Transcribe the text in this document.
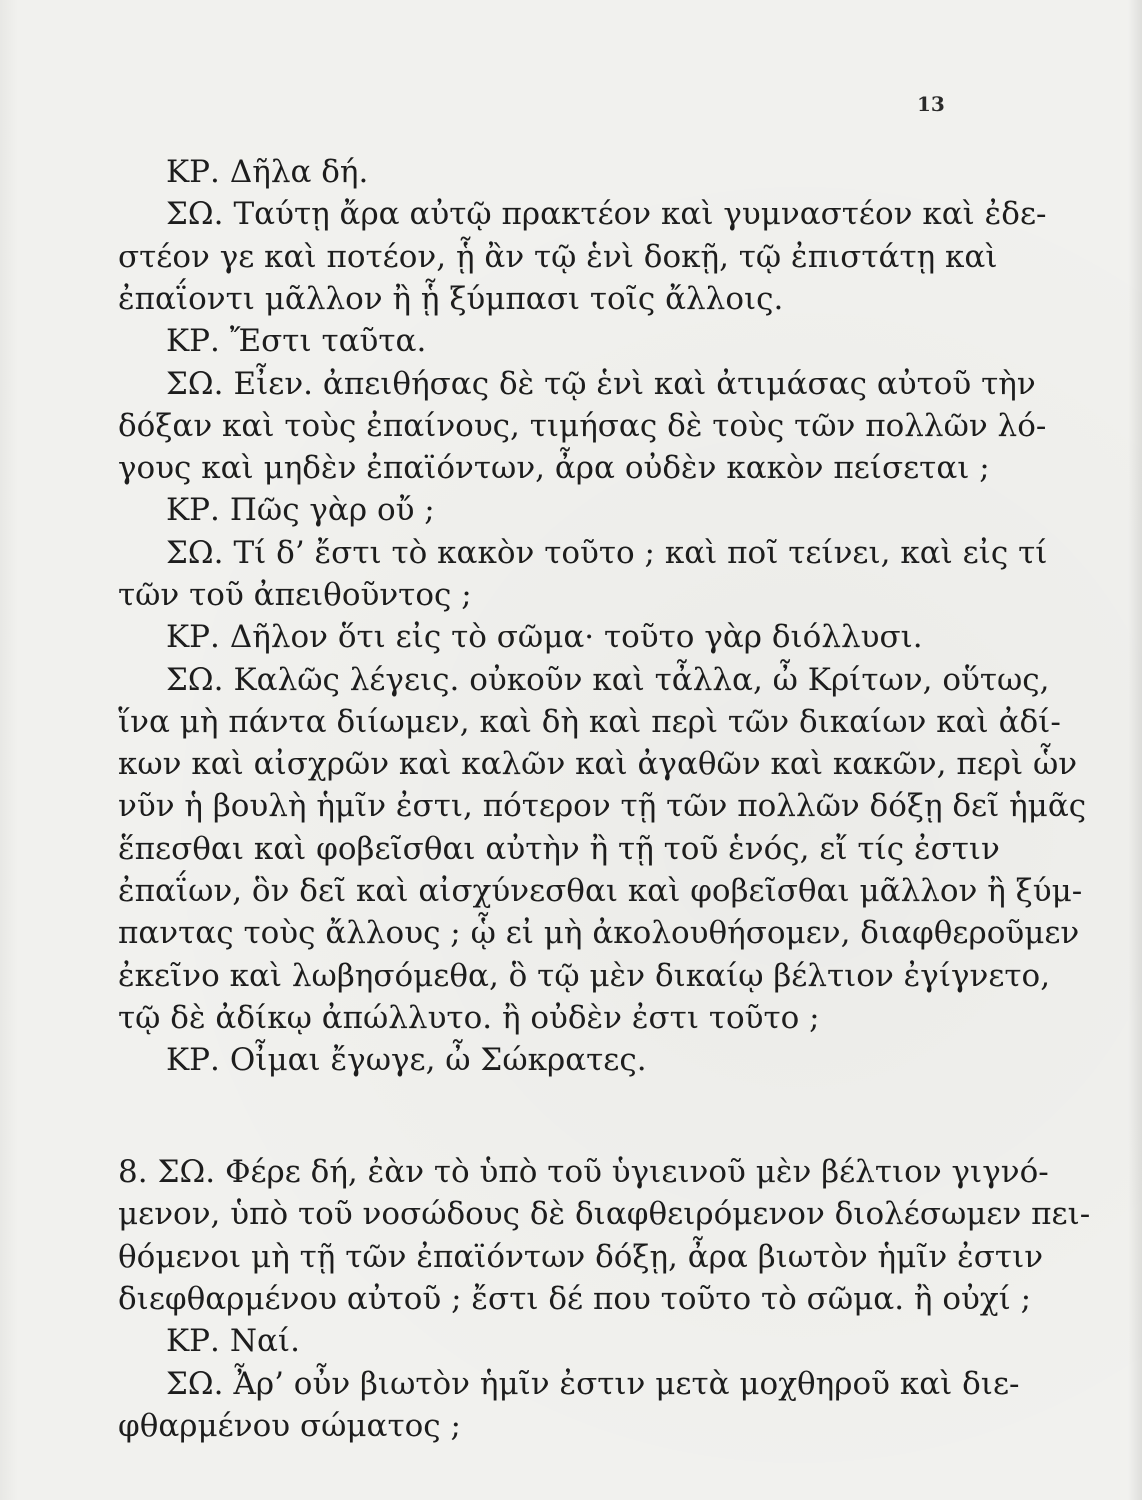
13
ΚΡ. Δῆλα δή.
ΣΩ. Ταύτῃ ἄρα αὐτῷ πρακτέον καὶ γυμναστέον καὶ ἐδε-
στέον γε καὶ ποτέον, ᾗ ἂν τῷ ἑνὶ δοκῇ, τῷ ἐπιστάτῃ καὶ
ἐπαΐοντι μᾶλλον ἢ ᾗ ξύμπασι τοῖς ἄλλοις.
ΚΡ. Ἔστι ταῦτα.
ΣΩ. Εἶεν. ἀπειθήσας δὲ τῷ ἑνὶ καὶ ἀτιμάσας αὐτοῦ τὴν
δόξαν καὶ τοὺς ἐπαίνους, τιμήσας δὲ τοὺς τῶν πολλῶν λό-
γους καὶ μηδὲν ἐπαϊόντων, ἆρα οὐδὲν κακὸν πείσεται ;
ΚΡ. Πῶς γὰρ οὔ ;
ΣΩ. Τί δ’ ἔστι τὸ κακὸν τοῦτο ; καὶ ποῖ τείνει, καὶ εἰς τί
τῶν τοῦ ἀπειθοῦντος ;
ΚΡ. Δῆλον ὅτι εἰς τὸ σῶμα· τοῦτο γὰρ διόλλυσι.
ΣΩ. Καλῶς λέγεις. οὐκοῦν καὶ τἆλλα, ὦ Κρίτων, οὕτως,
ἵνα μὴ πάντα διίωμεν, καὶ δὴ καὶ περὶ τῶν δικαίων καὶ ἀδί-
κων καὶ αἰσχρῶν καὶ καλῶν καὶ ἀγαθῶν καὶ κακῶν, περὶ ὧν
νῦν ἡ βουλὴ ἡμῖν ἐστι, πότερον τῇ τῶν πολλῶν δόξῃ δεῖ ἡμᾶς
ἕπεσθαι καὶ φοβεῖσθαι αὐτὴν ἢ τῇ τοῦ ἑνός, εἴ τίς ἐστιν
ἐπαΐων, ὃν δεῖ καὶ αἰσχύνεσθαι καὶ φοβεῖσθαι μᾶλλον ἢ ξύμ-
παντας τοὺς ἄλλους ; ᾧ εἰ μὴ ἀκολουθήσομεν, διαφθεροῦμεν
ἐκεῖνο καὶ λωβησόμεθα, ὃ τῷ μὲν δικαίῳ βέλτιον ἐγίγνετο,
τῷ δὲ ἀδίκῳ ἀπώλλυτο. ἢ οὐδὲν ἐστι τοῦτο ;
ΚΡ. Οἶμαι ἔγωγε, ὦ Σώκρατες.
8. ΣΩ. Φέρε δή, ἐὰν τὸ ὑπὸ τοῦ ὑγιεινοῦ μὲν βέλτιον γιγνό-
μενον, ὑπὸ τοῦ νοσώδους δὲ διαφθειρόμενον διολέσωμεν πει-
θόμενοι μὴ τῇ τῶν ἐπαϊόντων δόξῃ, ἆρα βιωτὸν ἡμῖν ἐστιν
διεφθαρμένου αὐτοῦ ; ἔστι δέ που τοῦτο τὸ σῶμα. ἢ οὐχί ;
ΚΡ. Ναί.
ΣΩ. Ἆρ’ οὖν βιωτὸν ἡμῖν ἐστιν μετὰ μοχθηροῦ καὶ διε-
φθαρμένου σώματος ;
